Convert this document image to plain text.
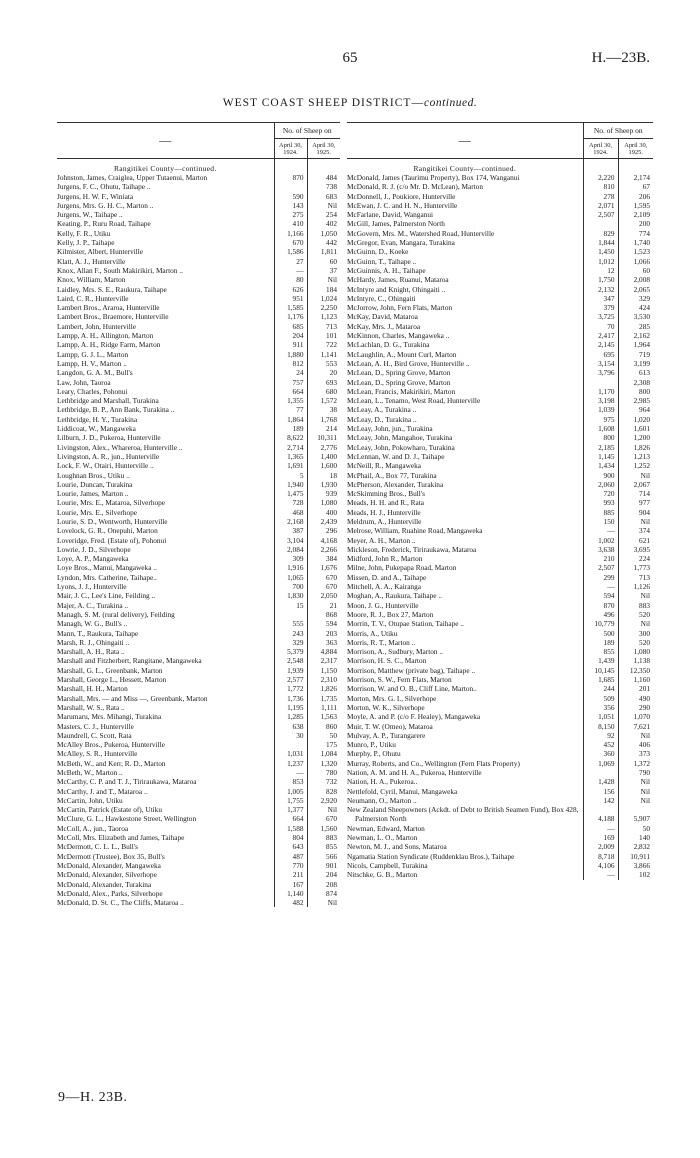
65	H.—23B.
WEST COAST SHEEP DISTRICT—continued.
—	No. of Sheep on	
	April 30, 1924.	April 30, 1925.
Rangitikei County—continued.		
Johnston, James, Craiglea, Upper Tutaenui, Marton	870	484
Jurgens, F. C., Ohutu, Taihape ..		738
Jurgens, H. W. F., Winiata	590	683
Jurgens, Mrs. G. H. C., Marton ..	143	Nil
Jurgens, W., Taihape ..	275	254
Keating, P., Ruru Road, Taihape	410	402
Kelly, F. R., Utiku	1,166	1,050
Kelly, J. P., Taihape	670	442
Kilmister, Albert, Hunterville	1,586	1,811
Klatt, A. J., Hunterville	27	60
Knox, Allan F., South Makirikiri, Marton ..	—	37
Knox, William, Marton	80	Nil
Laidley, Mrs. S. E., Raukura, Taihape	626	184
Laird, C. R., Hunterville	951	1,024
Lambert Bros., Araroa, Hunterville	1,585	2,250
Lambert Bros., Braemore, Hunterville	1,176	1,123
Lambert, John, Hunterville	685	713
Lampp, A. H., Allington, Marton	204	101
Lampp, A. H., Ridge Farm, Marton	911	722
Lampp, G. J. L., Marton	1,880	1,141
Lampp, H. V., Marton ..	812	553
Langdon, G. A. M., Bull's	24	20
Law, John, Taoroa	757	693
Leary, Charles, Pohonui	664	680
Lethbridge and Marshall, Turakina	1,355	1,572
Lethbridge, B. P., Ann Bank, Turakina ..	77	38
Lethbridge, H. Y., Turakina	1,864	1,768
Liddicoat, W., Mangaweka	189	214
Lilburn, J. D., Pukeroa, Hunterville	8,622	10,311
Livingston, Alex., Whareroa, Hunterville ..	2,714	2,776
Livingston, A. R., jun., Hunterville	1,365	1,400
Lock, F. W., Otairi, Hunterville ..	1,691	1,600
Loughnan Bros., Utiku ..	5	18
Lourie, Duncan, Turakina	1,940	1,930
Lourie, James, Marton ..	1,475	939
Lourie, Mrs. E., Mataroa, Silverhope	728	1,080
Lourie, Mrs. E., Silverhope	468	400
Lourie, S. D., Wentworth, Hunterville	2,168	2,439
Lovelock, G. R., Onepuhi, Marton	387	296
Loveridge, Fred. (Estate of), Pohonui	3,104	4,168
Lowrie, J. D., Silverhope	2,084	2,266
Loye, A. P., Mangaweka	309	384
Loye Bros., Manui, Mangaweka ..	1,916	1,676
Lyndon, Mrs. Catherine, Taihape..	1,065	670
Lyons, J. J., Hunterville	700	670
Mair, J. C., Lee's Line, Feilding ..	1,830	2,050
Majer, A. C., Turakina ..	15	21
Managh, S. M. (rural delivery), Feilding		868
Managh, W. G., Bull's ..	555	594
Mann, T., Raukura, Taihape	243	203
Marsh, R. J., Ohingaiti ..	329	363
Marshall, A. H., Rata ..	5,379	4,884
Marshall and Fitzherbert, Rangitane, Mangaweka	2,548	2,317
Marshall, G. L., Greenbank, Marton	1,939	1,150
Marshall, George L., Hessett, Marton	2,577	2,310
Marshall, H. H., Marton	1,772	1,826
Marshall, Mrs. — and Miss —, Greenbank, Marton	1,736	1,735
Marshall, W. S., Rata ..	1,195	1,111
Marumaru, Mrs. Mihangi, Turakina	1,285	1,563
Masters, C. J., Hunterville	638	860
Maundrell, C. Scott, Rata	30	50
McAlley Bros., Pukeroa, Hunterville		175
McAlley, S. R., Hunterville	1,031	1,084
McBeth, W., and Kerr, R. D., Marton	1,237	1,320
McBeth, W., Marton ..	—	780
McCarthy, C. P. and T. J., Tiriraukawa, Mataroa	853	732
McCarthy, J. and T., Mataroa ..	1,005	828
McCartin, John, Utiku	1,755	2,920
McCartin, Patrick (Estate of), Utiku	1,377	Nil
McClure, G. L., Hawkestone Street, Wellington	664	670
McColl, A., jun., Taoroa	1,588	1,560
McColl, Mrs. Elizabeth and James, Taihape	804	883
McDermott, C. L. L., Bull's	643	855
McDermott (Trustee), Box 35, Bull's	487	566
McDonald, Alexander, Mangaweka	770	901
McDonald, Alexander, Silverhope	211	204
McDonald, Alexander, Turakina	167	208
McDonald, Alex., Parks, Silverhope	1,140	874
McDonald, D. St. C., The Cliffs, Mataroa ..	482	Nil
—	No. of Sheep on	
	April 30, 1924.	April 30, 1925.
Rangitikei County—continued.		
McDonald, James (Taurimu Property), Box 174, Wanganui	2,220	2,174
McDonald, R. J. (c/o Mr. D. McLean), Marton	810	67
McDonnell, J., Poukiore, Hunterville	278	206
McEwan, J. C. and H. N., Hunterville	2,071	1,595
McFarlane, David, Wanganui	2,507	2,109
McGill, James, Palmerston North		200
McGovern, Mrs. M., Watershed Road, Hunterville	829	774
McGregor, Evan, Mangara, Turakina	1,844	1,740
McGuinn, D., Koeke	1,450	1,523
McGuinn, T., Taihape ..	1,012	1,066
McGuinnis, A. H., Taihape	12	60
McHardy, James, Ruanui, Mataroa	1,750	2,008
McIntyre and Knight, Ohingaiti ..	2,132	2,065
McIntyre, C., Ohingaiti	347	329
McJorrow, John, Fern Flats, Marton	379	424
McKay, David, Mataroa	3,725	3,530
McKay, Mrs. J., Mataroa	70	285
McKinnon, Charles, Mangaweka ..	2,417	2,162
McLachlan, D. G., Turakina	2,145	1,964
McLaughlin, A., Mount Curl, Marton	695	719
McLean, A. H., Bird Grove, Hunterville ..	3,154	3,199
McLean, D., Spring Grove, Marton	3,796	613
McLean, D., Spring Grove, Marton		2,308
McLean, Francis, Makirikiri, Marton	1,170	800
McLean, L., Tenamo, West Road, Hunterville	3,198	2,985
McLeay, A., Turakina ..	1,039	964
McLeay, D., Turakina ..	975	1,020
McLeay, John, jun., Turakina	1,608	1,601
McLeay, John, Mangahoe, Turakina	800	1,200
McLeay, John, Pokowharo, Turakina	2,185	1,826
McLennan, W. and D. J., Taihape	1,145	1,213
McNeill, R., Mangaweka	1,434	1,252
McPhail, A., Box 77, Turakina	900	Nil
McPherson, Alexander, Turakina	2,060	2,067
McSkimming Bros., Bull's	720	714
Meads, H. H. and R., Rata	993	977
Meads, H. J., Hunterville	885	904
Meldrum, A., Hunterville	150	Nil
Melrose, William, Ruahine Road, Mangaweka	—	374
Meyer, A. H., Marton ..	1,002	621
Mickleson, Frederick, Tiriraukawa, Mataroa	3,638	3,695
Midford, John R., Marton	210	224
Milne, John, Pukepapa Road, Marton	2,507	1,773
Missen, D. and A., Taihape	299	713
Mitchell, A. A., Kairanga	—	1,126
Moghan, A., Raukura, Taihape ..	594	Nil
Moon, J. G., Hunterville	870	883
Moore, R. J., Box 27, Marton	496	520
Morrin, T. V., Otupae Station, Taihape ..	10,779	Nil
Morris, A., Utiku	500	300
Morris, R. T., Marton ..	189	520
Morrison, A., Sudbury, Marton ..	855	1,080
Morrison, H. S. C., Marton	1,439	1,138
Morrison, Matthew (private bag), Taihape ..	10,145	12,350
Morrison, S. W., Fern Flats, Marton	1,685	1,160
Morrison, W. and O. B., Cliff Line, Marton..	244	201
Morton, Mrs. G. I., Silverhope	509	490
Morton, W. K., Silverhope	356	290
Moyle, A. and P. (c/o F. Healey), Mangaweka	1,051	1,070
Muir, T. W. (Omeo), Mataroa	8,150	7,621
Mulvay, A. P., Turangarere	92	Nil
Munro, P., Utiku	452	406
Murphy, P., Ohutu	360	373
Murray, Roberts, and Co., Wellington (Fern Flats Property)	1,069	1,372
Nation, A. M. and H. A., Pukeroa, Hunterville		790
Nation, H. A., Pukeroa..	1,428	Nil
Nettlefold, Cyril, Manui, Mangaweka	156	Nil
Neumann, O., Marton ..	142	Nil
New Zealand Sheepowners (Ackdt. of Debt to British Seamen Fund), Box 428, Palmerston North	4,188	5,907
Newman, Edward, Marton	—	50
Newman, L. O., Marton	169	140
Newton, M. J., and Sons, Mataroa	2,009	2,832
Ngamatia Station Syndicate (Ruddenklau Bros.), Taihape	8,718	10,911
Nicols, Campbell, Turakina	4,106	3,866
Nitschke, G. B., Marton	—	102
9—H. 23B.
